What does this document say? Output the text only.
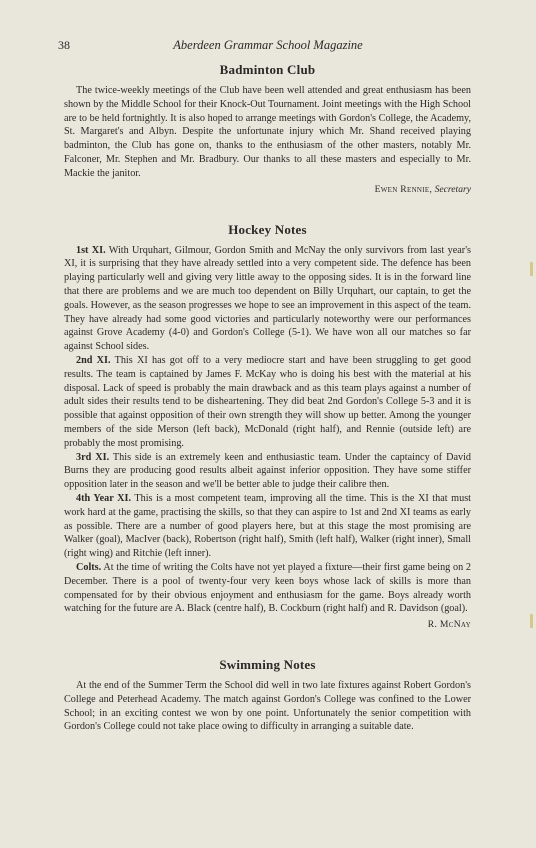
38	Aberdeen Grammar School Magazine
Badminton Club

The twice-weekly meetings of the Club have been well attended and great enthusiasm has been shown by the Middle School for their Knock-Out Tournament. Joint meetings with the High School are to be held fortnightly. It is also hoped to arrange meetings with Gordon's College, the Academy, St. Margaret's and Albyn. Despite the unfortunate injury which Mr. Shand received playing badminton, the Club has gone on, thanks to the enthusiasm of the other masters, notably Mr. Falconer, Mr. Stephen and Mr. Bradbury. Our thanks to all these masters and especially to Mr. Mackie the janitor.

Ewen Rennie, Secretary
Hockey Notes

1st XI. With Urquhart, Gilmour, Gordon Smith and McNay the only survivors from last year's XI, it is surprising that they have already settled into a very competent side. The defence has been playing particularly well and giving very little away to the opposing sides. It is in the forward line that there are problems and we are much too dependent on Billy Urquhart, our captain, to get the goals. However, as the season progresses we hope to see an improvement in this aspect of the team. They have already had some good victories and particularly noteworthy were our performances against Grove Academy (4-0) and Gordon's College (5-1). We have won all our matches so far against School sides.

2nd XI. This XI has got off to a very mediocre start and have been struggling to get good results. The team is captained by James F. McKay who is doing his best with the material at his disposal. Lack of speed is probably the main drawback and as this team plays against a number of adult sides their results tend to be disheartening. They did beat 2nd Gordon's College 5-3 and it is possible that against opposition of their own strength they will show up better. Among the younger members of the side Merson (left back), McDonald (right half), and Rennie (outside left) are probably the most promising.

3rd XI. This side is an extremely keen and enthusiastic team. Under the captaincy of David Burns they are producing good results albeit against inferior opposition. They have some stiffer opposition later in the season and we'll be better able to judge their calibre then.

4th Year XI. This is a most competent team, improving all the time. This is the XI that must work hard at the game, practising the skills, so that they can aspire to 1st and 2nd XI teams as early as possible. There are a number of good players here, but at this stage the most promising are Walker (goal), MacIver (back), Robertson (right half), Smith (left half), Walker (right inner), Small (right wing) and Ritchie (left inner).

Colts. At the time of writing the Colts have not yet played a fixture—their first game being on 2 December. There is a pool of twenty-four very keen boys whose lack of skills is more than compensated for by their obvious enjoyment and enthusiasm for the game. Boys already worth watching for the future are A. Black (centre half), B. Cockburn (right half) and R. Davidson (goal).

R. McNay
Swimming Notes

At the end of the Summer Term the School did well in two late fixtures against Robert Gordon's College and Peterhead Academy. The match against Gordon's College was confined to the Lower School; in an exciting contest we won by one point. Unfortunately the senior competition with Gordon's College could not take place owing to difficulty in arranging a suitable date.
